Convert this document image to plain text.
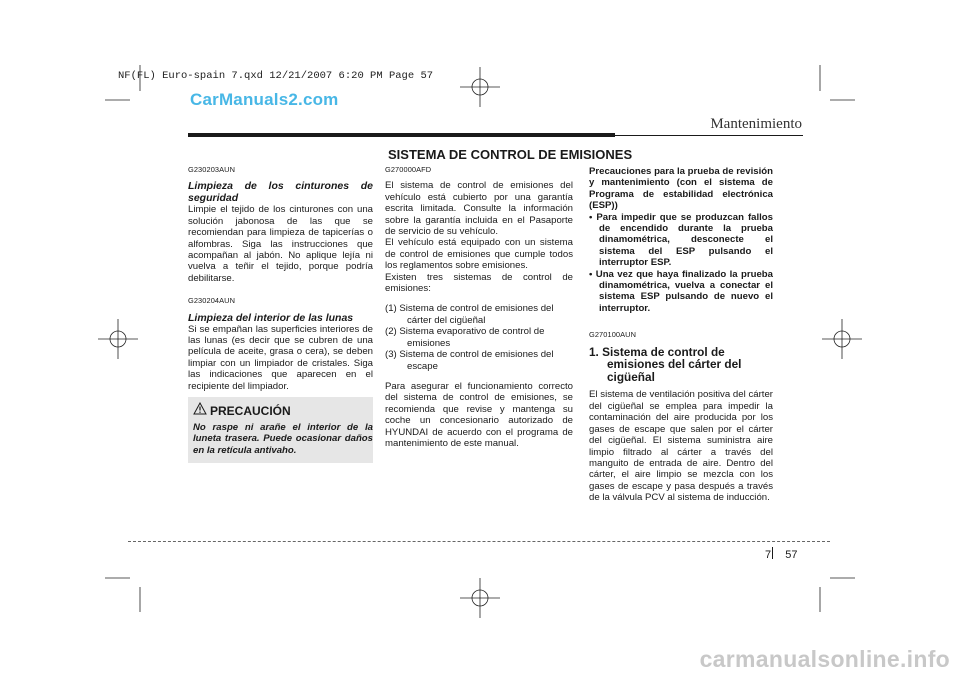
NF(FL) Euro-spain 7.qxd 12/21/2007 6:20 PM Page 57
CarManuals2.com
Mantenimiento
SISTEMA DE CONTROL DE EMISIONES

G230203AUN

Limpieza de los cinturones de seguridad

Limpie el tejido de los cinturones con una solución jabonosa de las que se recomiendan para limpieza de tapicerías o alfombras. Siga las instrucciones que acompañan al jabón. No aplique lejía ni vuelva a teñir el tejido, porque podría debilitarse.

G230204AUN

Limpieza del interior de las lunas

Si se empañan las superficies interiores de las lunas (es decir que se cubren de una película de aceite, grasa o cera), se deben limpiar con un limpiador de cristales. Siga las indicaciones que aparecen en el recipiente del limpiador.

PRECAUCIÓN
No raspe ni arañe el interior de la luneta trasera. Puede ocasionar daños en la retícula antivaho.

G270000AFD

El sistema de control de emisiones del vehículo está cubierto por una garantía escrita limitada. Consulte la información sobre la garantía incluida en el Pasaporte de servicio de su vehículo.

El vehículo está equipado con un sistema de control de emisiones que cumple todos los reglamentos sobre emisiones.

Existen tres sistemas de control de emisiones:

(1) Sistema de control de emisiones del cárter del cigüeñal

(2) Sistema evaporativo de control de emisiones

(3) Sistema de control de emisiones del escape

Para asegurar el funcionamiento correcto del sistema de control de emisiones, se recomienda que revise y mantenga su coche un concesionario autorizado de HYUNDAI de acuerdo con el programa de mantenimiento de este manual.

Precauciones para la prueba de revisión y mantenimiento (con el sistema de Programa de estabilidad electrónica (ESP))

• Para impedir que se produzcan fallos de encendido durante la prueba dinamométrica, desconecte el sistema del ESP pulsando el interruptor ESP.

• Una vez que haya finalizado la prueba dinamométrica, vuelva a conectar el sistema ESP pulsando de nuevo el interruptor.

G270100AUN

1. Sistema de control de emisiones del cárter del cigüeñal

El sistema de ventilación positiva del cárter del cigüeñal se emplea para impedir la contaminación del aire producida por los gases de escape que salen por el cárter del cigüeñal. El sistema suministra aire limpio filtrado al cárter a través del manguito de entrada de aire. Dentro del cárter, el aire limpio se mezcla con los gases de escape y pasa después a través de la válvula PCV al sistema de inducción.

7 57
carmanualsonline.info
